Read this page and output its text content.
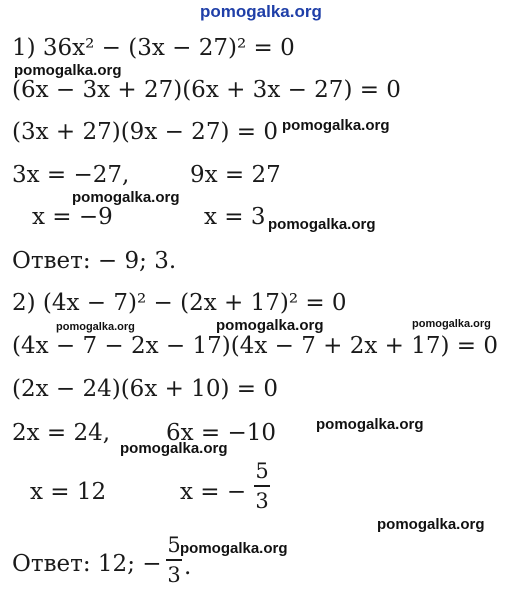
pomogalka.org
pomogalka.org
pomogalka.org
pomogalka.org
pomogalka.org
pomogalka.org	pomogalka.org	pomogalka.org
pomogalka.org
pomogalka.org
pomogalka.org
pomogalka.org
1) 36x² − (3x − 27)² = 0
(6x − 3x + 27)(6x + 3x − 27) = 0
(3x + 27)(9x − 27) = 0
3x = −27,	9x = 27
x = −9	x = 3
Ответ: − 9; 3.
2) (4x − 7)² − (2x + 17)² = 0
(4x − 7 − 2x − 17)(4x − 7 + 2x + 17) = 0
(2x − 24)(6x + 10) = 0
2x = 24, 6x = −10
x = 12	x = −
5
3
Ответ: 12; −
5
3 .
